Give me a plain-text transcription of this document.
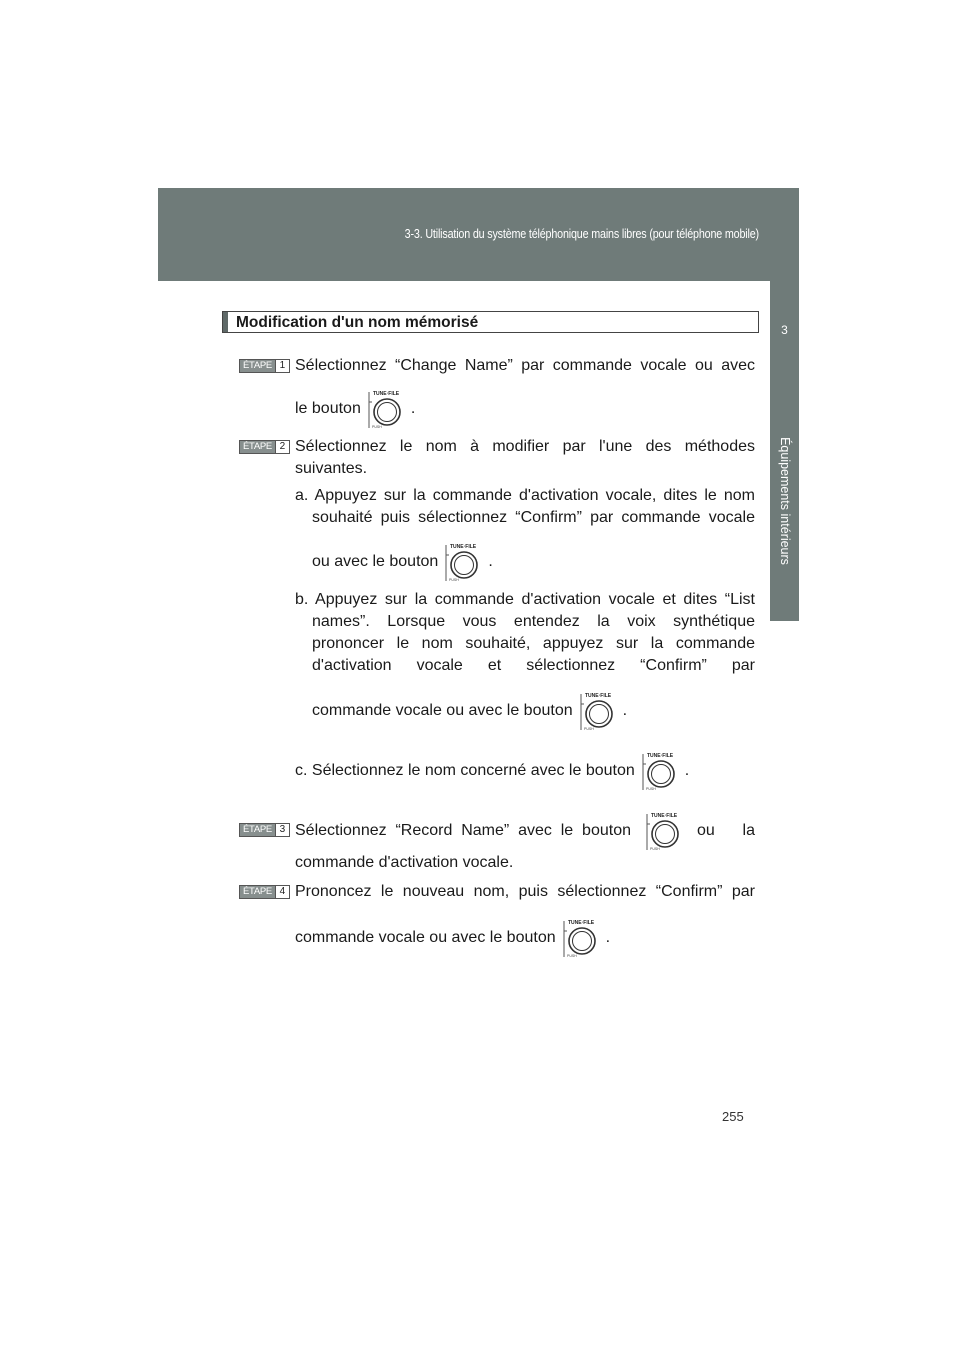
3-3. Utilisation du système téléphonique mains libres (pour téléphone mobile)
3
Équipements intérieurs
Modification d'un nom mémorisé
ÉTAPE 1 Sélectionnez “Change Name” par commande vocale ou avec
le bouton
TUNE·FILE
PUSH
.
ÉTAPE 2 Sélectionnez le nom à modifier par l'une des méthodes
suivantes.
a. Appuyez sur la commande d'activation vocale, dites le nom
souhaité puis sélectionnez “Confirm” par commande vocale
ou avec le bouton
TUNE·FILE
PUSH
.
b. Appuyez sur la commande d'activation vocale et dites “List
names”. Lorsque vous entendez la voix synthétique
prononcer le nom souhaité, appuyez sur la commande
d'activation vocale et sélectionnez “Confirm” par
commande vocale ou avec le bouton
TUNE·FILE
PUSH
.
c. Sélectionnez le nom concerné avec le bouton
TUNE·FILE
PUSH
.
ÉTAPE 3 Sélectionnez “Record Name” avec le bouton
TUNE·FILE
PUSH
ou la
commande d'activation vocale.
ÉTAPE 4 Prononcez le nouveau nom, puis sélectionnez “Confirm” par
commande vocale ou avec le bouton
TUNE·FILE
PUSH
.
255
